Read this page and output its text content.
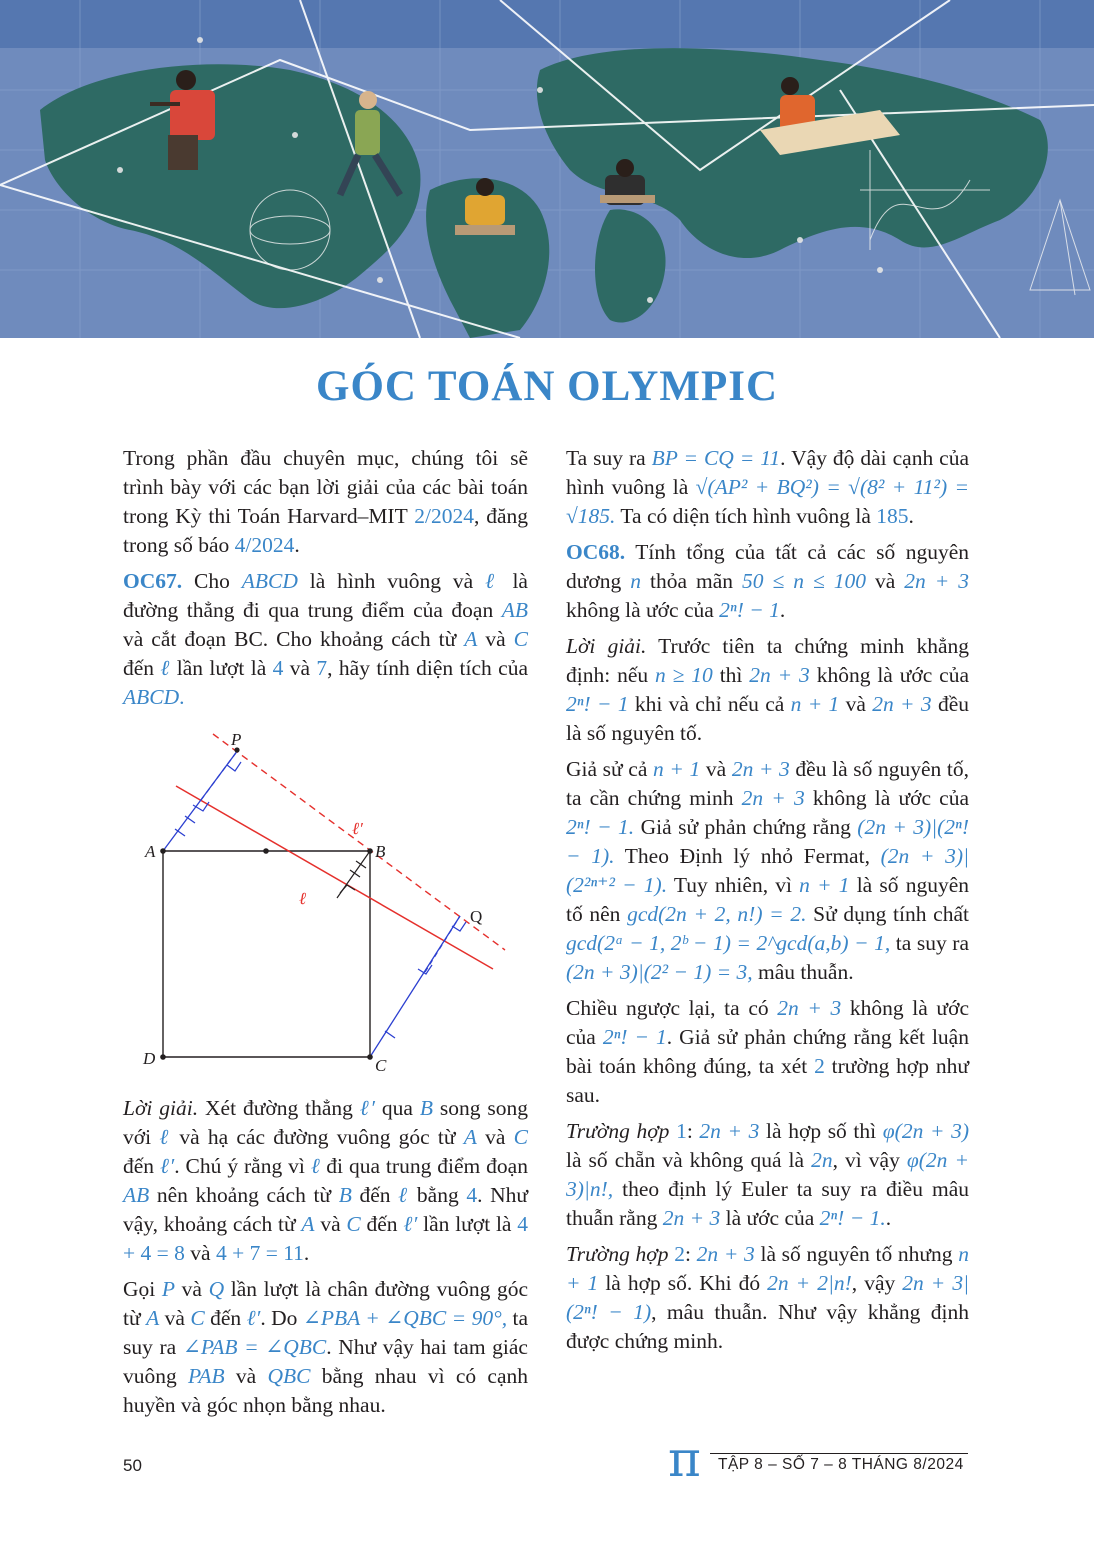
GÓC TOÁN OLYMPIC

Trong phần đầu chuyên mục, chúng tôi sẽ trình bày với các bạn lời giải của các bài toán trong Kỳ thi Toán Harvard–MIT 2/2024, đăng trong số báo 4/2024.

OC67. Cho ABCD là hình vuông và ℓ là đường thẳng đi qua trung điểm của đoạn AB và cắt đoạn BC. Cho khoảng cách từ A và C đến ℓ lần lượt là 4 và 7, hãy tính diện tích của ABCD.

P
A	B
C
D
Q
ℓ
ℓ′

Lời giải. Xét đường thẳng ℓ′ qua B song song với ℓ và hạ các đường vuông góc từ A và C đến ℓ′. Chú ý rằng vì ℓ đi qua trung điểm đoạn AB nên khoảng cách từ B đến ℓ bằng 4. Như vậy, khoảng cách từ A và C đến ℓ′ lần lượt là 4 + 4 = 8 và 4 + 7 = 11.

Gọi P và Q lần lượt là chân đường vuông góc từ A và C đến ℓ′. Do ∠PBA + ∠QBC = 90°, ta suy ra ∠PAB = ∠QBC. Như vậy hai tam giác vuông PAB và QBC bằng nhau vì có cạnh huyền và góc nhọn bằng nhau.

Ta suy ra BP = CQ = 11. Vậy độ dài cạnh của hình vuông là √(AP² + BQ²) = √(8² + 11²) = √185. Ta có diện tích hình vuông là 185.

OC68. Tính tổng của tất cả các số nguyên dương n thỏa mãn 50 ≤ n ≤ 100 và 2n + 3 không là ước của 2ⁿ! − 1.

Lời giải. Trước tiên ta chứng minh khẳng định: nếu n ≥ 10 thì 2n + 3 không là ước của 2ⁿ! − 1 khi và chỉ nếu cả n + 1 và 2n + 3 đều là số nguyên tố.

Giả sử cả n + 1 và 2n + 3 đều là số nguyên tố, ta cần chứng minh 2n + 3 không là ước của 2ⁿ! − 1. Giả sử phản chứng rằng (2n + 3)|(2ⁿ! − 1). Theo Định lý nhỏ Fermat, (2n + 3)|(2²ⁿ⁺² − 1). Tuy nhiên, vì n + 1 là số nguyên tố nên gcd(2n + 2, n!) = 2. Sử dụng tính chất gcd(2ᵃ − 1, 2ᵇ − 1) = 2^gcd(a,b) − 1, ta suy ra (2n + 3)|(2² − 1) = 3, mâu thuẫn.

Chiều ngược lại, ta có 2n + 3 không là ước của 2ⁿ! − 1. Giả sử phản chứng rằng kết luận bài toán không đúng, ta xét 2 trường hợp như sau.

Trường hợp 1: 2n + 3 là hợp số thì φ(2n + 3) là số chẵn và không quá là 2n, vì vậy φ(2n + 3)|n!, theo định lý Euler ta suy ra điều mâu thuẫn rằng 2n + 3 là ước của 2ⁿ! − 1..

Trường hợp 2: 2n + 3 là số nguyên tố nhưng n + 1 là hợp số. Khi đó 2n + 2|n!, vậy 2n + 3|(2ⁿ! − 1), mâu thuẫn. Như vậy khẳng định được chứng minh.

50	π TẬP 8 – SỐ 7 – 8 THÁNG 8/2024
